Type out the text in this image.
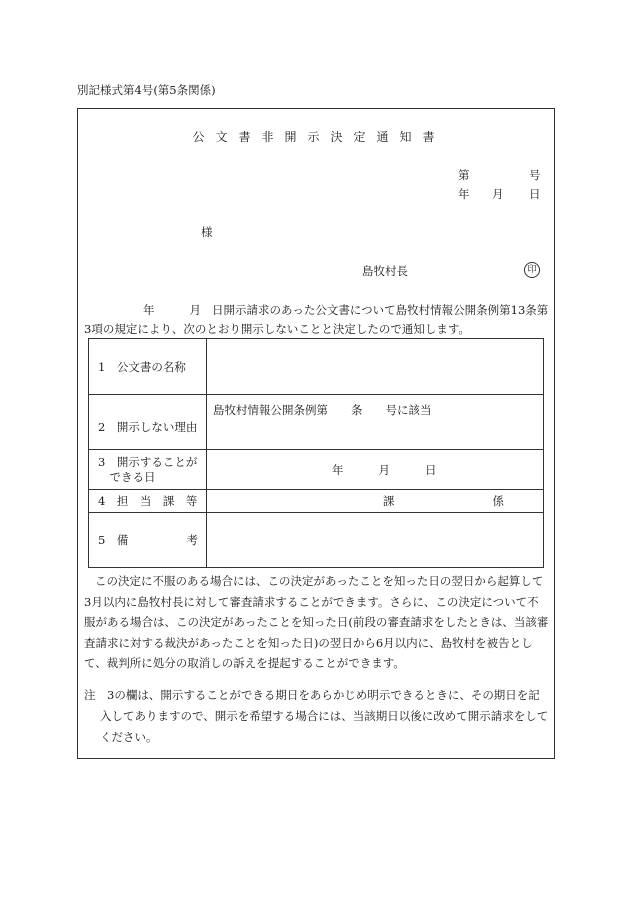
別記様式第4号(第5条関係)
公文書非開示決定通知書
第	号
年 月 日
様
島牧村長	印
年	月 日開示請求のあった公文書について島牧村情報公開条例第13条第3項の規定により、次のとおり開示しないことと決定したので通知します。
1　公文書の名称	
2　開示しない理由	島牧村情報公開条例第　　条　　号に該当

3　開示することが
　できる日	年 月 日
4　担　当　課　等	課 係

5　備 考	

この決定に不服のある場合には、この決定があったことを知った日の翌日から起算して3月以内に島牧村長に対して審査請求することができます。さらに、この決定について不服がある場合は、この決定があったことを知った日(前段の審査請求をしたときは、当該審査請求に対する裁決があったことを知った日)の翌日から6月以内に、島牧村を被告として、裁判所に処分の取消しの訴えを提起することができます。
注　3の欄は、開示することができる期日をあらかじめ明示できるときに、その期日を記入してありますので、開示を希望する場合には、当該期日以後に改めて開示請求をしてください。
